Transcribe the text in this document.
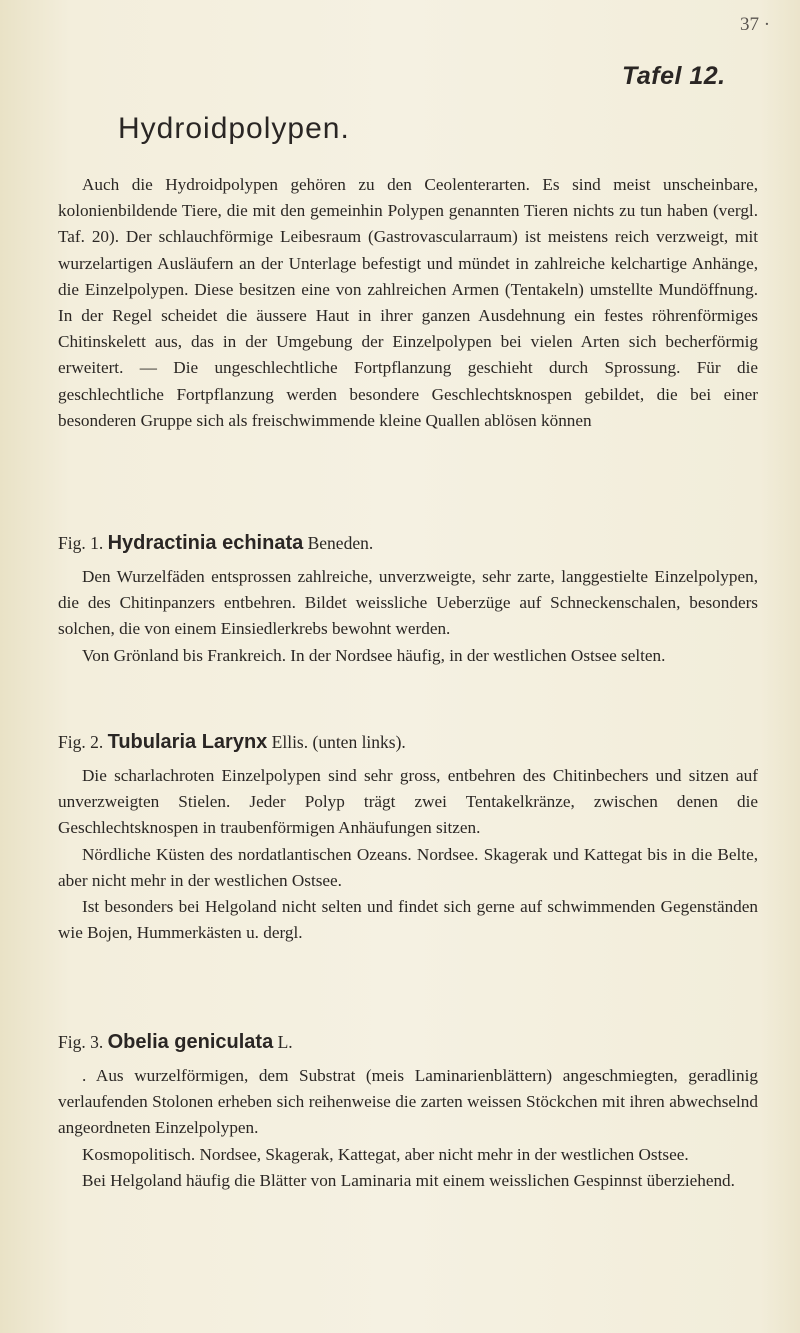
37 ·
Tafel 12.
Hydroidpolypen.

Auch die Hydroidpolypen gehören zu den Ceolenterarten. Es sind meist unscheinbare, kolonienbildende Tiere, die mit den gemeinhin Polypen genannten Tieren nichts zu tun haben (vergl. Taf. 20). Der schlauchförmige Leibesraum (Gastrovascularraum) ist meistens reich verzweigt, mit wurzelartigen Ausläufern an der Unterlage befestigt und mündet in zahlreiche kelchartige Anhänge, die Einzelpolypen. Diese besitzen eine von zahlreichen Armen (Tentakeln) umstellte Mundöffnung. In der Regel scheidet die äussere Haut in ihrer ganzen Ausdehnung ein festes röhrenförmiges Chitinskelett aus, das in der Umgebung der Einzelpolypen bei vielen Arten sich becherförmig erweitert. — Die ungeschlechtliche Fortpflanzung geschieht durch Sprossung. Für die geschlechtliche Fortpflanzung werden besondere Geschlechtsknospen gebildet, die bei einer besonderen Gruppe sich als freischwimmende kleine Quallen ablösen können

Fig. 1. Hydractinia echinata Beneden.

Den Wurzelfäden entsprossen zahlreiche, unverzweigte, sehr zarte, langgestielte Einzelpolypen, die des Chitinpanzers entbehren. Bildet weissliche Ueberzüge auf Schneckenschalen, besonders solchen, die von einem Einsiedlerkrebs bewohnt werden.

Von Grönland bis Frankreich. In der Nordsee häufig, in der westlichen Ostsee selten.

Fig. 2. Tubularia Larynx Ellis. (unten links).

Die scharlachroten Einzelpolypen sind sehr gross, entbehren des Chitinbechers und sitzen auf unverzweigten Stielen. Jeder Polyp trägt zwei Tentakelkränze, zwischen denen die Geschlechtsknospen in traubenförmigen Anhäufungen sitzen.

Nördliche Küsten des nordatlantischen Ozeans. Nordsee. Skagerak und Kattegat bis in die Belte, aber nicht mehr in der westlichen Ostsee.

Ist besonders bei Helgoland nicht selten und findet sich gerne auf schwimmenden Gegenständen wie Bojen, Hummerkästen u. dergl.

Fig. 3. Obelia geniculata L.

. Aus wurzelförmigen, dem Substrat (meis Laminarienblättern) angeschmiegten, geradlinig verlaufenden Stolonen erheben sich reihenweise die zarten weissen Stöckchen mit ihren abwechselnd angeordneten Einzelpolypen.

Kosmopolitisch. Nordsee, Skagerak, Kattegat, aber nicht mehr in der westlichen Ostsee.

Bei Helgoland häufig die Blätter von Laminaria mit einem weisslichen Gespinnst überziehend.
